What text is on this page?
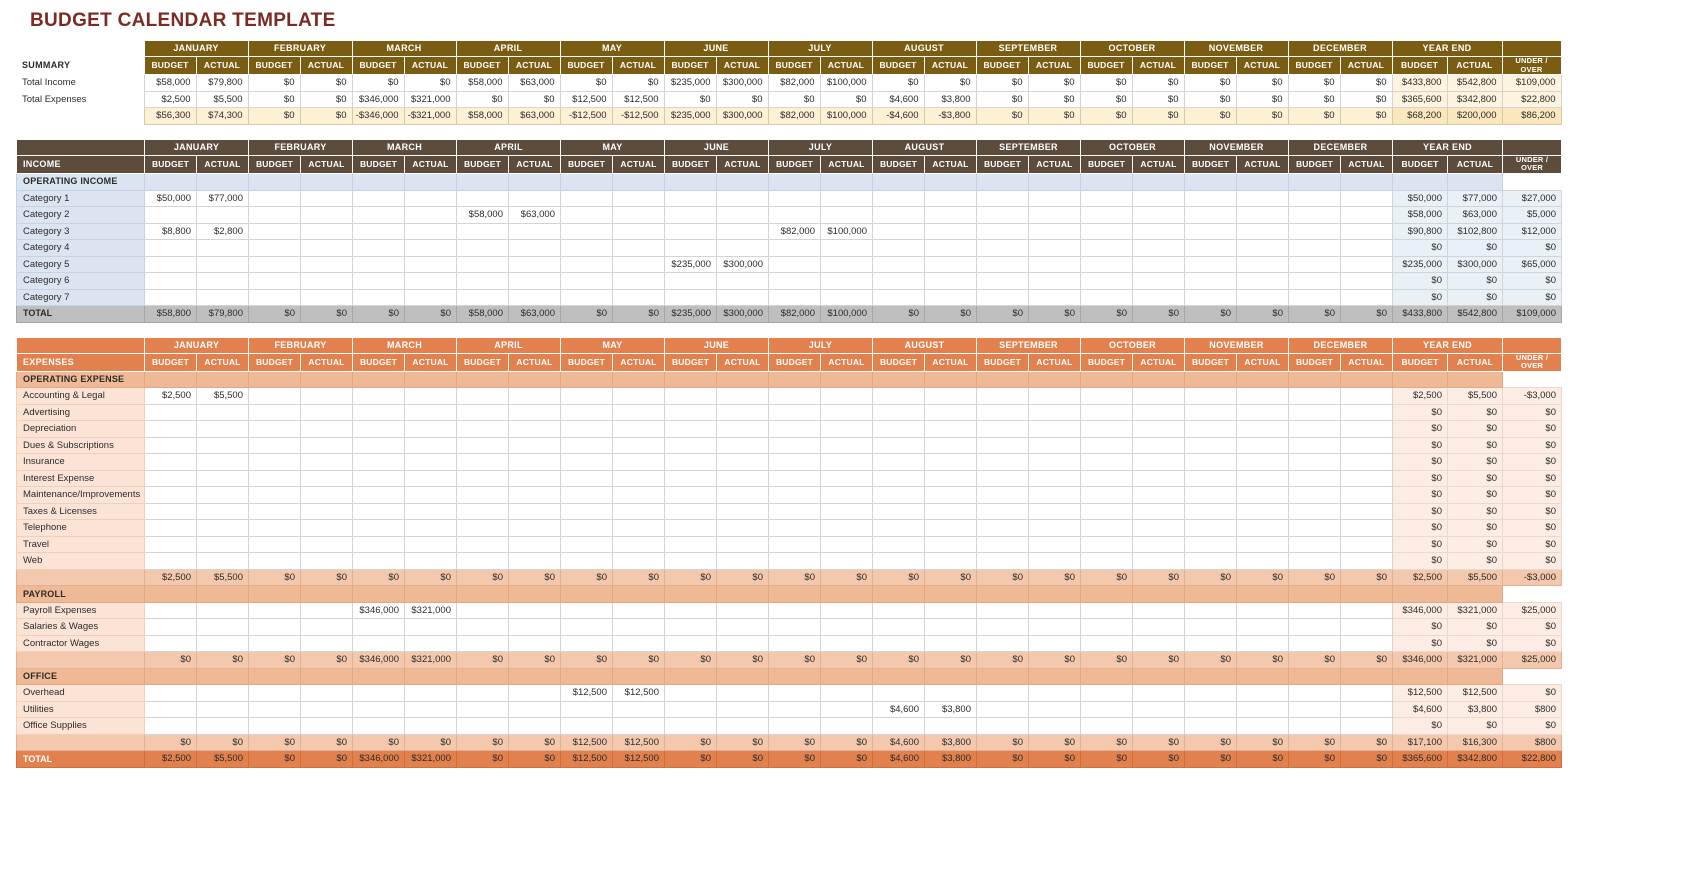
BUDGET CALENDAR TEMPLATE
	JANUARY		FEBRUARY		MARCH		APRIL		MAY		JUNE		JULY		AUGUST		SEPTEMBER		OCTOBER		NOVEMBER		DECEMBER		YEAR END		
SUMMARY	BUDGET	ACTUAL	BUDGET	ACTUAL	BUDGET	ACTUAL	BUDGET	ACTUAL	BUDGET	ACTUAL	BUDGET	ACTUAL	BUDGET	ACTUAL	BUDGET	ACTUAL	BUDGET	ACTUAL	BUDGET	ACTUAL	BUDGET	ACTUAL	BUDGET	ACTUAL	BUDGET	ACTUAL	UNDER /
OVER

Total Income	$58,000	$79,800	$0	$0	$0	$0	$58,000	$63,000	$0	$0	$235,000	$300,000	$82,000	$100,000	$0	$0	$0	$0	$0	$0	$0	$0	$0	$0	$433,800	$542,800	$109,000
Total Expenses	$2,500	$5,500	$0	$0	$346,000	$321,000	$0	$0	$12,500	$12,500	$0	$0	$0	$0	$4,600	$3,800	$0	$0	$0	$0	$0	$0	$0	$0	$365,600	$342,800	$22,800
	$56,300	$74,300	$0	$0	-$346,000	-$321,000	$58,000	$63,000	-$12,500	-$12,500	$235,000	$300,000	$82,000	$100,000	-$4,600	-$3,800	$0	$0	$0	$0	$0	$0	$0	$0	$68,200	$200,000	$86,200
	JANUARY		FEBRUARY		MARCH		APRIL		MAY		JUNE		JULY		AUGUST		SEPTEMBER		OCTOBER		NOVEMBER		DECEMBER		YEAR END		
INCOME	BUDGET	ACTUAL	BUDGET	ACTUAL	BUDGET	ACTUAL	BUDGET	ACTUAL	BUDGET	ACTUAL	BUDGET	ACTUAL	BUDGET	ACTUAL	BUDGET	ACTUAL	BUDGET	ACTUAL	BUDGET	ACTUAL	BUDGET	ACTUAL	BUDGET	ACTUAL	BUDGET	ACTUAL	UNDER /
OVER

OPERATING INCOME																											
Category 1	$50,000	$77,000																							$50,000	$77,000	$27,000
Category 2							$58,000	$63,000																	$58,000	$63,000	$5,000
Category 3	$8,800	$2,800											$82,000	$100,000											$90,800	$102,800	$12,000
Category 4																									$0	$0	$0
Category 5											$235,000	$300,000													$235,000	$300,000	$65,000
Category 6																									$0	$0	$0
Category 7																									$0	$0	$0
TOTAL	$58,800	$79,800	$0	$0	$0	$0	$58,000	$63,000	$0	$0	$235,000	$300,000	$82,000	$100,000	$0	$0	$0	$0	$0	$0	$0	$0	$0	$0	$433,800	$542,800	$109,000
	JANUARY		FEBRUARY		MARCH		APRIL		MAY		JUNE		JULY		AUGUST		SEPTEMBER		OCTOBER		NOVEMBER		DECEMBER		YEAR END		
EXPENSES	BUDGET	ACTUAL	BUDGET	ACTUAL	BUDGET	ACTUAL	BUDGET	ACTUAL	BUDGET	ACTUAL	BUDGET	ACTUAL	BUDGET	ACTUAL	BUDGET	ACTUAL	BUDGET	ACTUAL	BUDGET	ACTUAL	BUDGET	ACTUAL	BUDGET	ACTUAL	BUDGET	ACTUAL	UNDER /
OVER

OPERATING EXPENSE																											
Accounting & Legal	$2,500	$5,500																							$2,500	$5,500	-$3,000
Advertising																									$0	$0	$0
Depreciation																									$0	$0	$0
Dues & Subscriptions																									$0	$0	$0
Insurance																									$0	$0	$0
Interest Expense																									$0	$0	$0
Maintenance/Improvements																									$0	$0	$0
Taxes & Licenses																									$0	$0	$0
Telephone																									$0	$0	$0
Travel																									$0	$0	$0
Web																									$0	$0	$0
	$2,500	$5,500	$0	$0	$0	$0	$0	$0	$0	$0	$0	$0	$0	$0	$0	$0	$0	$0	$0	$0	$0	$0	$0	$0	$2,500	$5,500	-$3,000
PAYROLL																											
Payroll Expenses					$346,000	$321,000																			$346,000	$321,000	$25,000
Salaries & Wages																									$0	$0	$0
Contractor Wages																									$0	$0	$0
	$0	$0	$0	$0	$346,000	$321,000	$0	$0	$0	$0	$0	$0	$0	$0	$0	$0	$0	$0	$0	$0	$0	$0	$0	$0	$346,000	$321,000	$25,000
OFFICE																											
Overhead									$12,500	$12,500															$12,500	$12,500	$0
Utilities															$4,600	$3,800									$4,600	$3,800	$800
Office Supplies																									$0	$0	$0
	$0	$0	$0	$0	$0	$0	$0	$0	$12,500	$12,500	$0	$0	$0	$0	$4,600	$3,800	$0	$0	$0	$0	$0	$0	$0	$0	$17,100	$16,300	$800
TOTAL	$2,500	$5,500	$0	$0	$346,000	$321,000	$0	$0	$12,500	$12,500	$0	$0	$0	$0	$4,600	$3,800	$0	$0	$0	$0	$0	$0	$0	$0	$365,600	$342,800	$22,800
